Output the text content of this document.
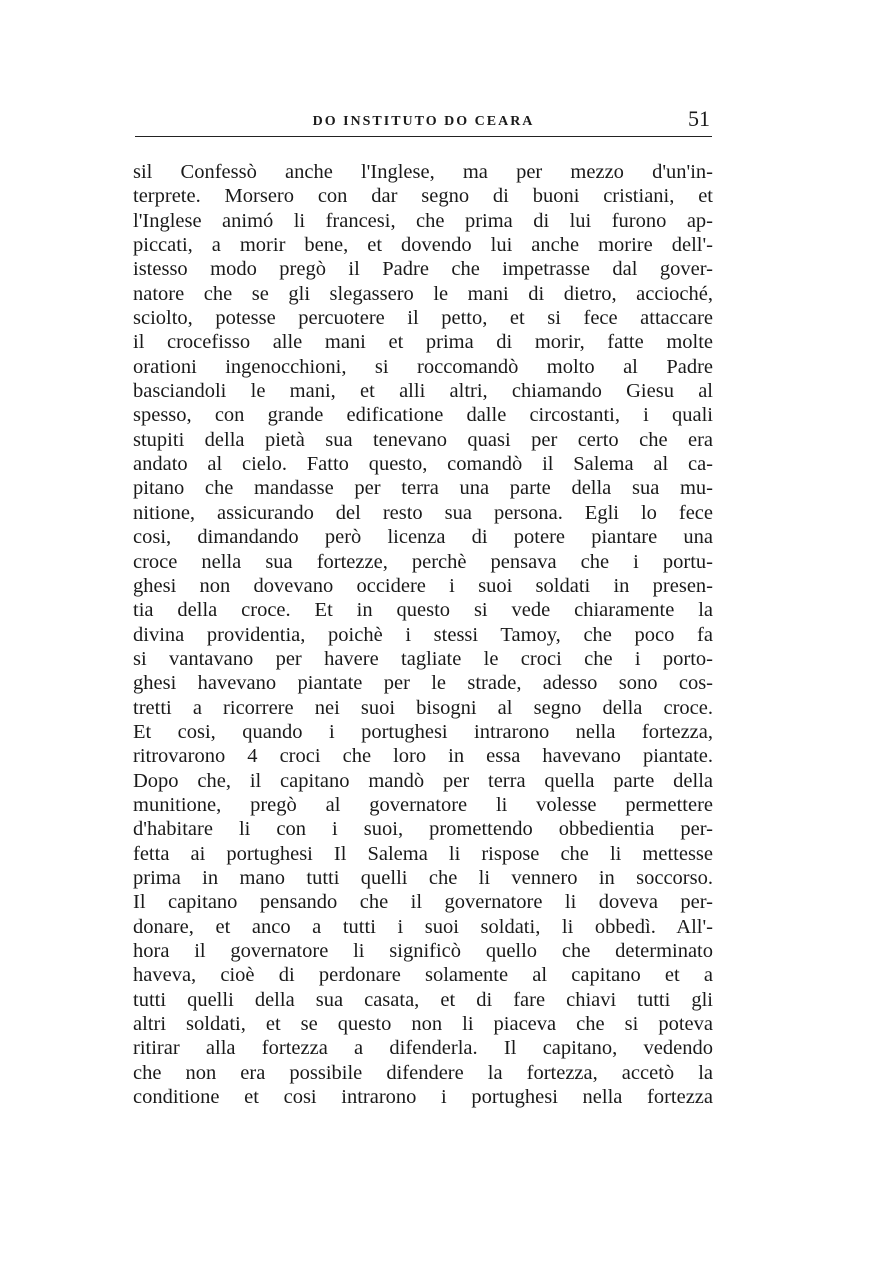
DO INSTITUTO DO CEARA	51
sil Confessò anche l'Inglese, ma per mezzo d'un'in-
terprete. Morsero con dar segno di buoni cristiani, et
l'Inglese animó li francesi, che prima di lui furono ap-
piccati, a morir bene, et dovendo lui anche morire dell'-
istesso modo pregò il Padre che impetrasse dal gover-
natore che se gli slegassero le mani di dietro, accioché,
sciolto, potesse percuotere il petto, et si fece attaccare
il crocefisso alle mani et prima di morir, fatte molte
orationi ingenocchioni, si roccomandò molto al Padre
basciandoli le mani, et alli altri, chiamando Giesu al
spesso, con grande edificatione dalle circostanti, i quali
stupiti della pietà sua tenevano quasi per certo che era
andato al cielo. Fatto questo, comandò il Salema al ca-
pitano che mandasse per terra una parte della sua mu-
nitione, assicurando del resto sua persona. Egli lo fece
cosi, dimandando però licenza di potere piantare una
croce nella sua fortezze, perchè pensava che i portu-
ghesi non dovevano occidere i suoi soldati in presen-
tia della croce. Et in questo si vede chiaramente la
divina providentia, poichè i stessi Tamoy, che poco fa
si vantavano per havere tagliate le croci che i porto-
ghesi havevano piantate per le strade, adesso sono cos-
tretti a ricorrere nei suoi bisogni al segno della croce.
Et cosi, quando i portughesi intrarono nella fortezza,
ritrovarono 4 croci che loro in essa havevano piantate.
Dopo che, il capitano mandò per terra quella parte della
munitione, pregò al governatore li volesse permettere
d'habitare li con i suoi, promettendo obbedientia per-
fetta ai portughesi Il Salema li rispose che li mettesse
prima in mano tutti quelli che li vennero in soccorso.
Il capitano pensando che il governatore li doveva per-
donare, et anco a tutti i suoi soldati, li obbedì. All'-
hora il governatore li significò quello che determinato
haveva, cioè di perdonare solamente al capitano et a
tutti quelli della sua casata, et di fare chiavi tutti gli
altri soldati, et se questo non li piaceva che si poteva
ritirar alla fortezza a difenderla. Il capitano, vedendo
che non era possibile difendere la fortezza, accetò la
conditione et cosi intrarono i portughesi nella fortezza
